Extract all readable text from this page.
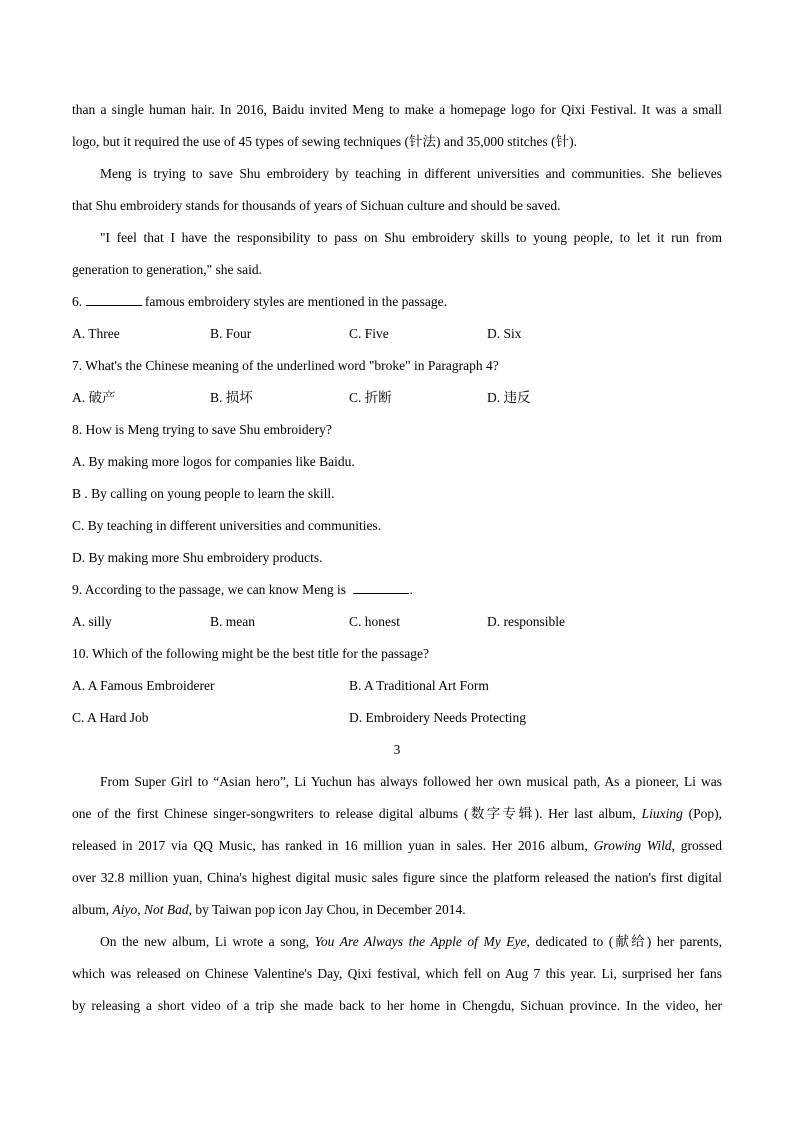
than a single human hair. In 2016, Baidu invited Meng to make a homepage logo for Qixi Festival. It was a small
logo, but it required the use of 45 types of sewing techniques (针法) and 35,000 stitches (针).
Meng is trying to save Shu embroidery by teaching in different universities and communities. She believes
that Shu embroidery stands for thousands of years of Sichuan culture and should be saved.
"I feel that I have the responsibility to pass on Shu embroidery skills to young people, to let it run from
generation to generation," she said.
6.	famous embroidery styles are mentioned in the passage.
A. Three	B. Four	C. Five	D. Six
7. What's the Chinese meaning of the underlined word "broke" in Paragraph 4?
A. 破产	B. 损坏	C. 折断	D. 违反
8. How is Meng trying to save Shu embroidery?
A. By making more logos for companies like Baidu.
B . By calling on young people to learn the skill.
C. By teaching in different universities and communities.
D. By making more Shu embroidery products.
9. According to the passage, we can know Meng is	.
A. silly	B. mean	C. honest	D. responsible
10. Which of the following might be the best title for the passage?
A. A Famous Embroiderer	B. A Traditional Art Form
C. A Hard Job	D. Embroidery Needs Protecting
3
From Super Girl to “Asian hero”, Li Yuchun has always followed her own musical path, As a pioneer, Li was
one of the first Chinese singer-songwriters to release digital albums (数字专辑). Her last album, Liuxing (Pop),
released in 2017 via QQ Music, has ranked in 16 million yuan in sales. Her 2016 album, Growing Wild, grossed
over 32.8 million yuan, China's highest digital music sales figure since the platform released the nation's first digital
album, Aiyo, Not Bad, by Taiwan pop icon Jay Chou, in December 2014.
On the new album, Li wrote a song, You Are Always the Apple of My Eye, dedicated to (献给) her parents,
which was released on Chinese Valentine's Day, Qixi festival, which fell on Aug 7 this year. Li, surprised her fans
by releasing a short video of a trip she made back to her home in Chengdu, Sichuan province. In the video, her
